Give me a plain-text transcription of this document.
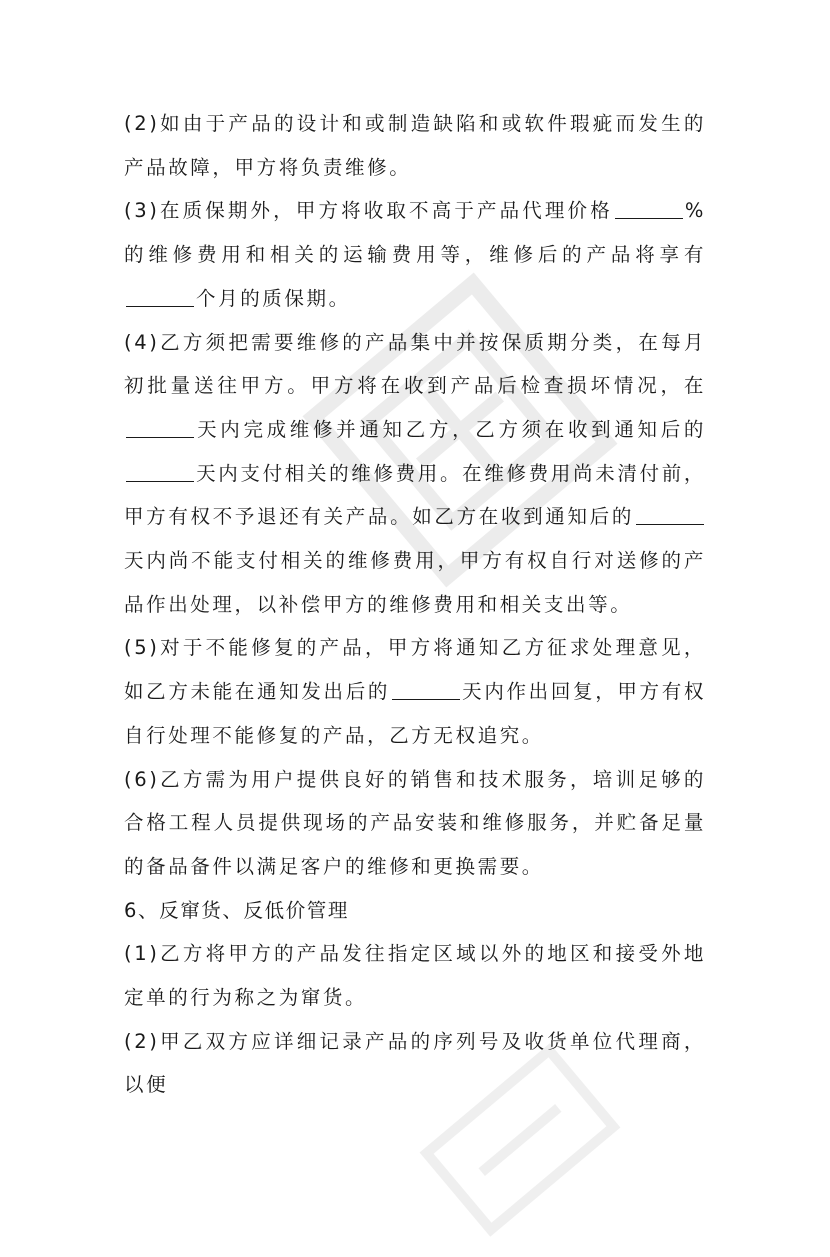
(2)如由于产品的设计和或制造缺陷和或软件瑕疵而发生的产品故障，甲方将负责维修。

(3)在质保期外，甲方将收取不高于产品代理价格	%的维修费用和相关的运输费用等，维修后的产品将享有个月的质保期。

(4)乙方须把需要维修的产品集中并按保质期分类，在每月初批量送往甲方。甲方将在收到产品后检查损坏情况，在天内完成维修并通知乙方，乙方须在收到通知后的天内支付相关的维修费用。在维修费用尚未清付前，甲方有权不予退还有关产品。如乙方在收到通知后的天内尚不能支付相关的维修费用，甲方有权自行对送修的产品作出处理，以补偿甲方的维修费用和相关支出等。

(5)对于不能修复的产品，甲方将通知乙方征求处理意见，如乙方未能在通知发出后的	天内作出回复，甲方有权自行处理不能修复的产品，乙方无权追究。

(6)乙方需为用户提供良好的销售和技术服务，培训足够的合格工程人员提供现场的产品安装和维修服务，并贮备足量的备品备件以满足客户的维修和更换需要。

6、反窜货、反低价管理

(1)乙方将甲方的产品发往指定区域以外的地区和接受外地定单的行为称之为窜货。

(2)甲乙双方应详细记录产品的序列号及收货单位代理商，以便
